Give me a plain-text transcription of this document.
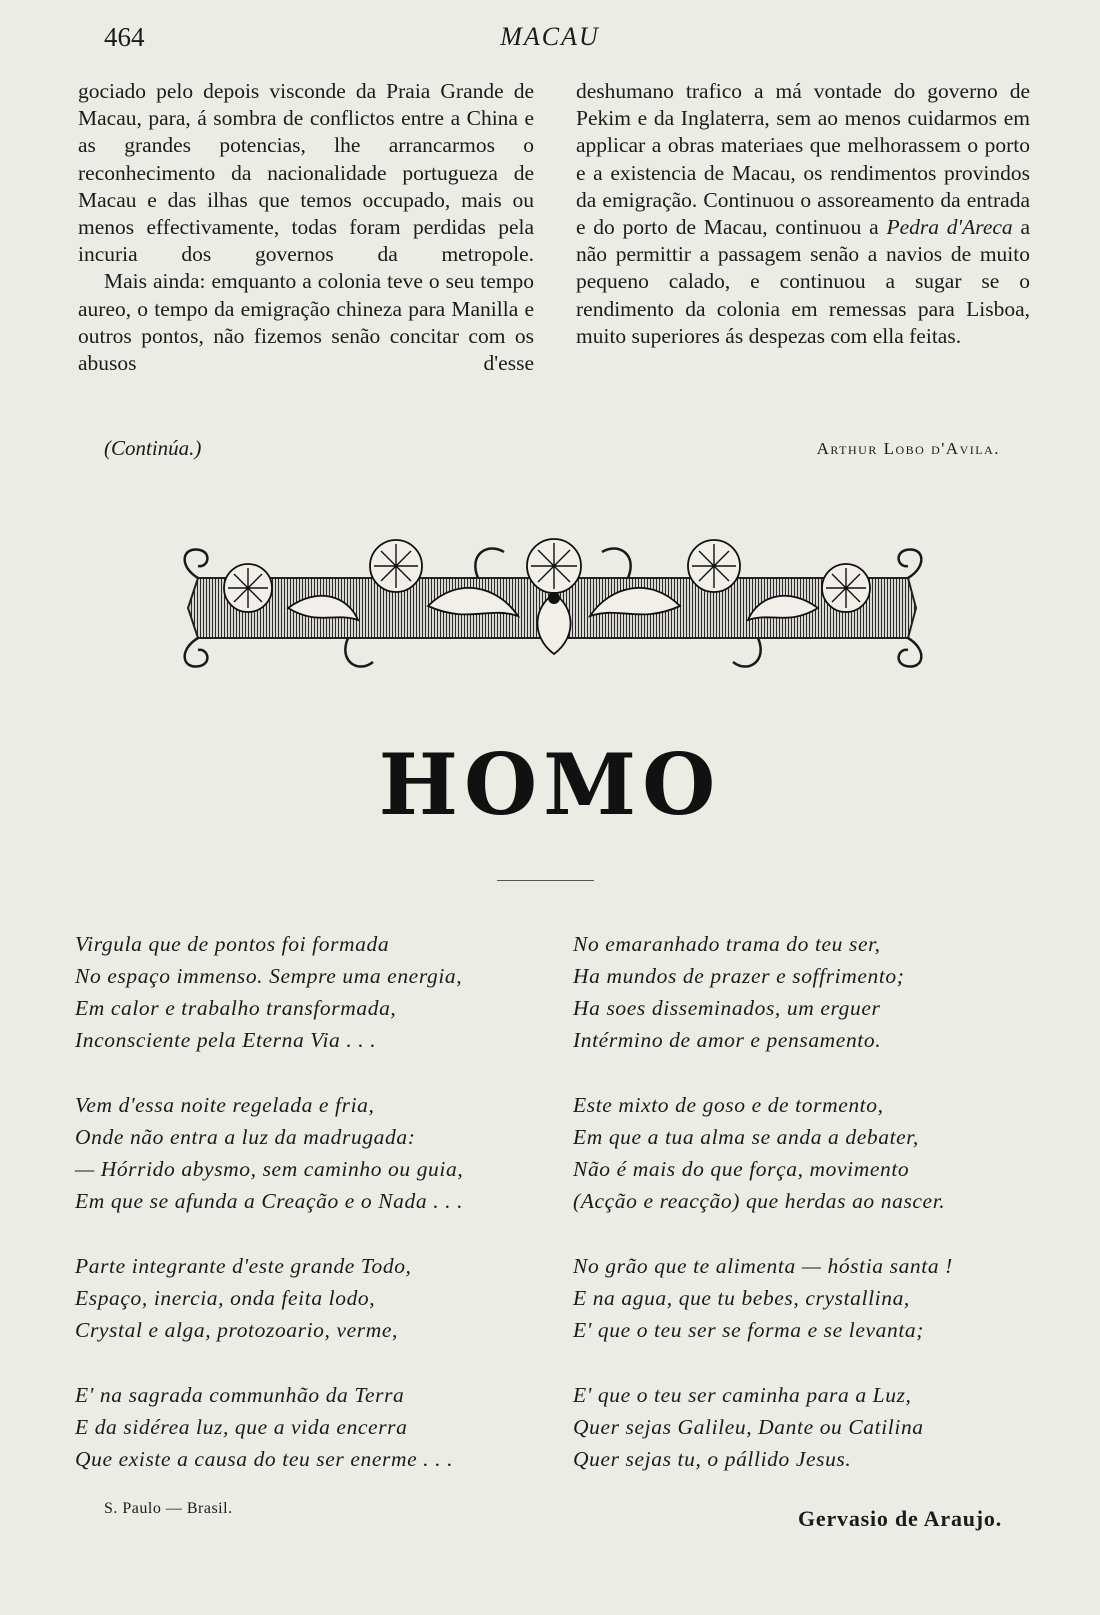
464	MACAU

gociado pelo depois visconde da Praia Grande de Macau, para, á sombra de conflictos entre a China e as grandes potencias, lhe arrancarmos o reconhecimento da nacionalidade portugueza de Macau e das ilhas que temos occupado, mais ou menos effectivamente, todas foram perdidas pela incuria dos governos da metropole.

Mais ainda: emquanto a colonia teve o seu tempo aureo, o tempo da emigração chineza para Manilla e outros pontos, não fizemos senão concitar com os abusos d'esse

deshumano trafico a má vontade do governo de Pekim e da Inglaterra, sem ao menos cuidarmos em applicar a obras materiaes que melhorassem o porto e a existencia de Macau, os rendimentos provindos da emigração. Continuou o assoreamento da entrada e do porto de Macau, continuou a Pedra d'Areca a não permittir a passagem senão a navios de muito pequeno calado, e continuou a sugar se o rendimento da colonia em remessas para Lisboa, muito superiores ás despezas com ella feitas.

(Continúa.)	Arthur Lobo d'Avila.
HOMO
Virgula que de pontos foi formada
No espaço immenso. Sempre uma energia,
Em calor e trabalho transformada,
Inconsciente pela Eterna Via . . .
Vem d'essa noite regelada e fria,
Onde não entra a luz da madrugada:
— Hórrido abysmo, sem caminho ou guia,
Em que se afunda a Creação e o Nada . . .
Parte integrante d'este grande Todo,
Espaço, inercia, onda feita lodo,
Crystal e alga, protozoario, verme,
E' na sagrada communhão da Terra
E da sidérea luz, que a vida encerra
Que existe a causa do teu ser enerme . . .
No emaranhado trama do teu ser,
Ha mundos de prazer e soffrimento;
Ha soes disseminados, um erguer
Intérmino de amor e pensamento.
Este mixto de goso e de tormento,
Em que a tua alma se anda a debater,
Não é mais do que força, movimento
(Acção e reacção) que herdas ao nascer.
No grão que te alimenta — hóstia santa !
E na agua, que tu bebes, crystallina,
E' que o teu ser se forma e se levanta;
E' que o teu ser caminha para a Luz,
Quer sejas Galileu, Dante ou Catilina
Quer sejas tu, o pállido Jesus.
S. Paulo — Brasil.	Gervasio de Araujo.
